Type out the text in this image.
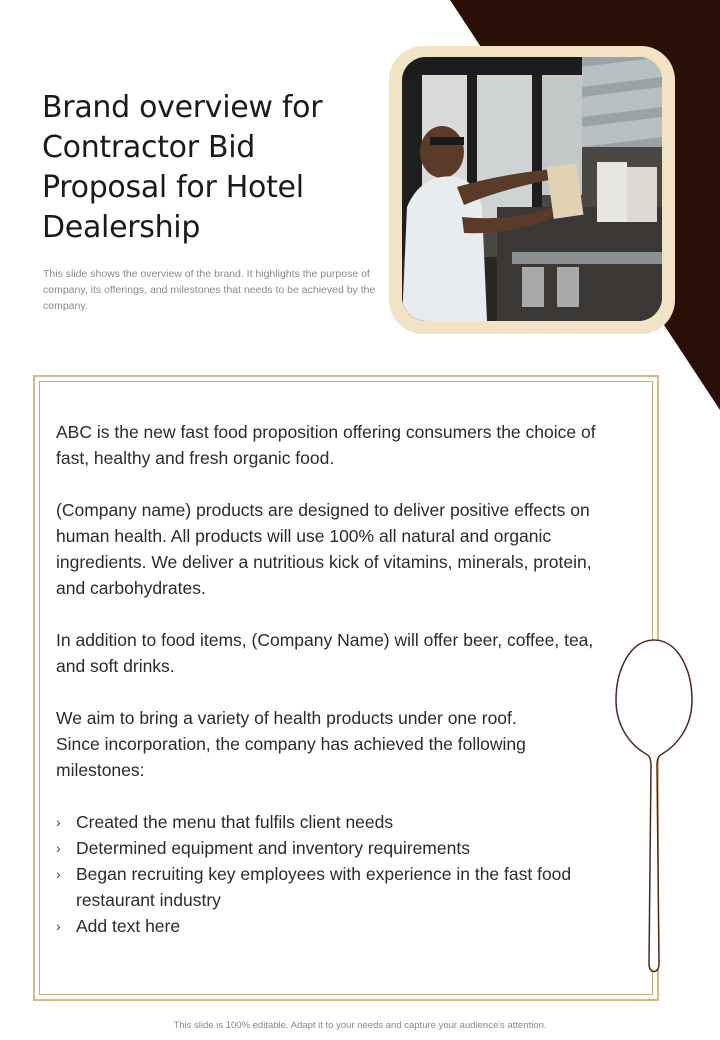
Brand overview for Contractor Bid Proposal for Hotel Dealership

This slide shows the overview of the brand. It highlights the purpose of company, its offerings, and milestones that needs to be achieved by the company.

ABC is the new fast food proposition offering consumers the choice of fast, healthy and fresh organic food.

(Company name) products are designed to deliver positive effects on human health. All products will use 100% all natural and organic ingredients. We deliver a nutritious kick of vitamins, minerals, protein, and carbohydrates.

In addition to food items, (Company Name) will offer beer, coffee, tea, and soft drinks.

We aim to bring a variety of health products under one roof.

Since incorporation, the company has achieved the following milestones:

› Created the menu that fulfils client needs
› Determined equipment and inventory requirements
› Began recruiting key employees with experience in the fast food restaurant industry
› Add text here

This slide is 100% editable. Adapt it to your needs and capture your audience's attention.
